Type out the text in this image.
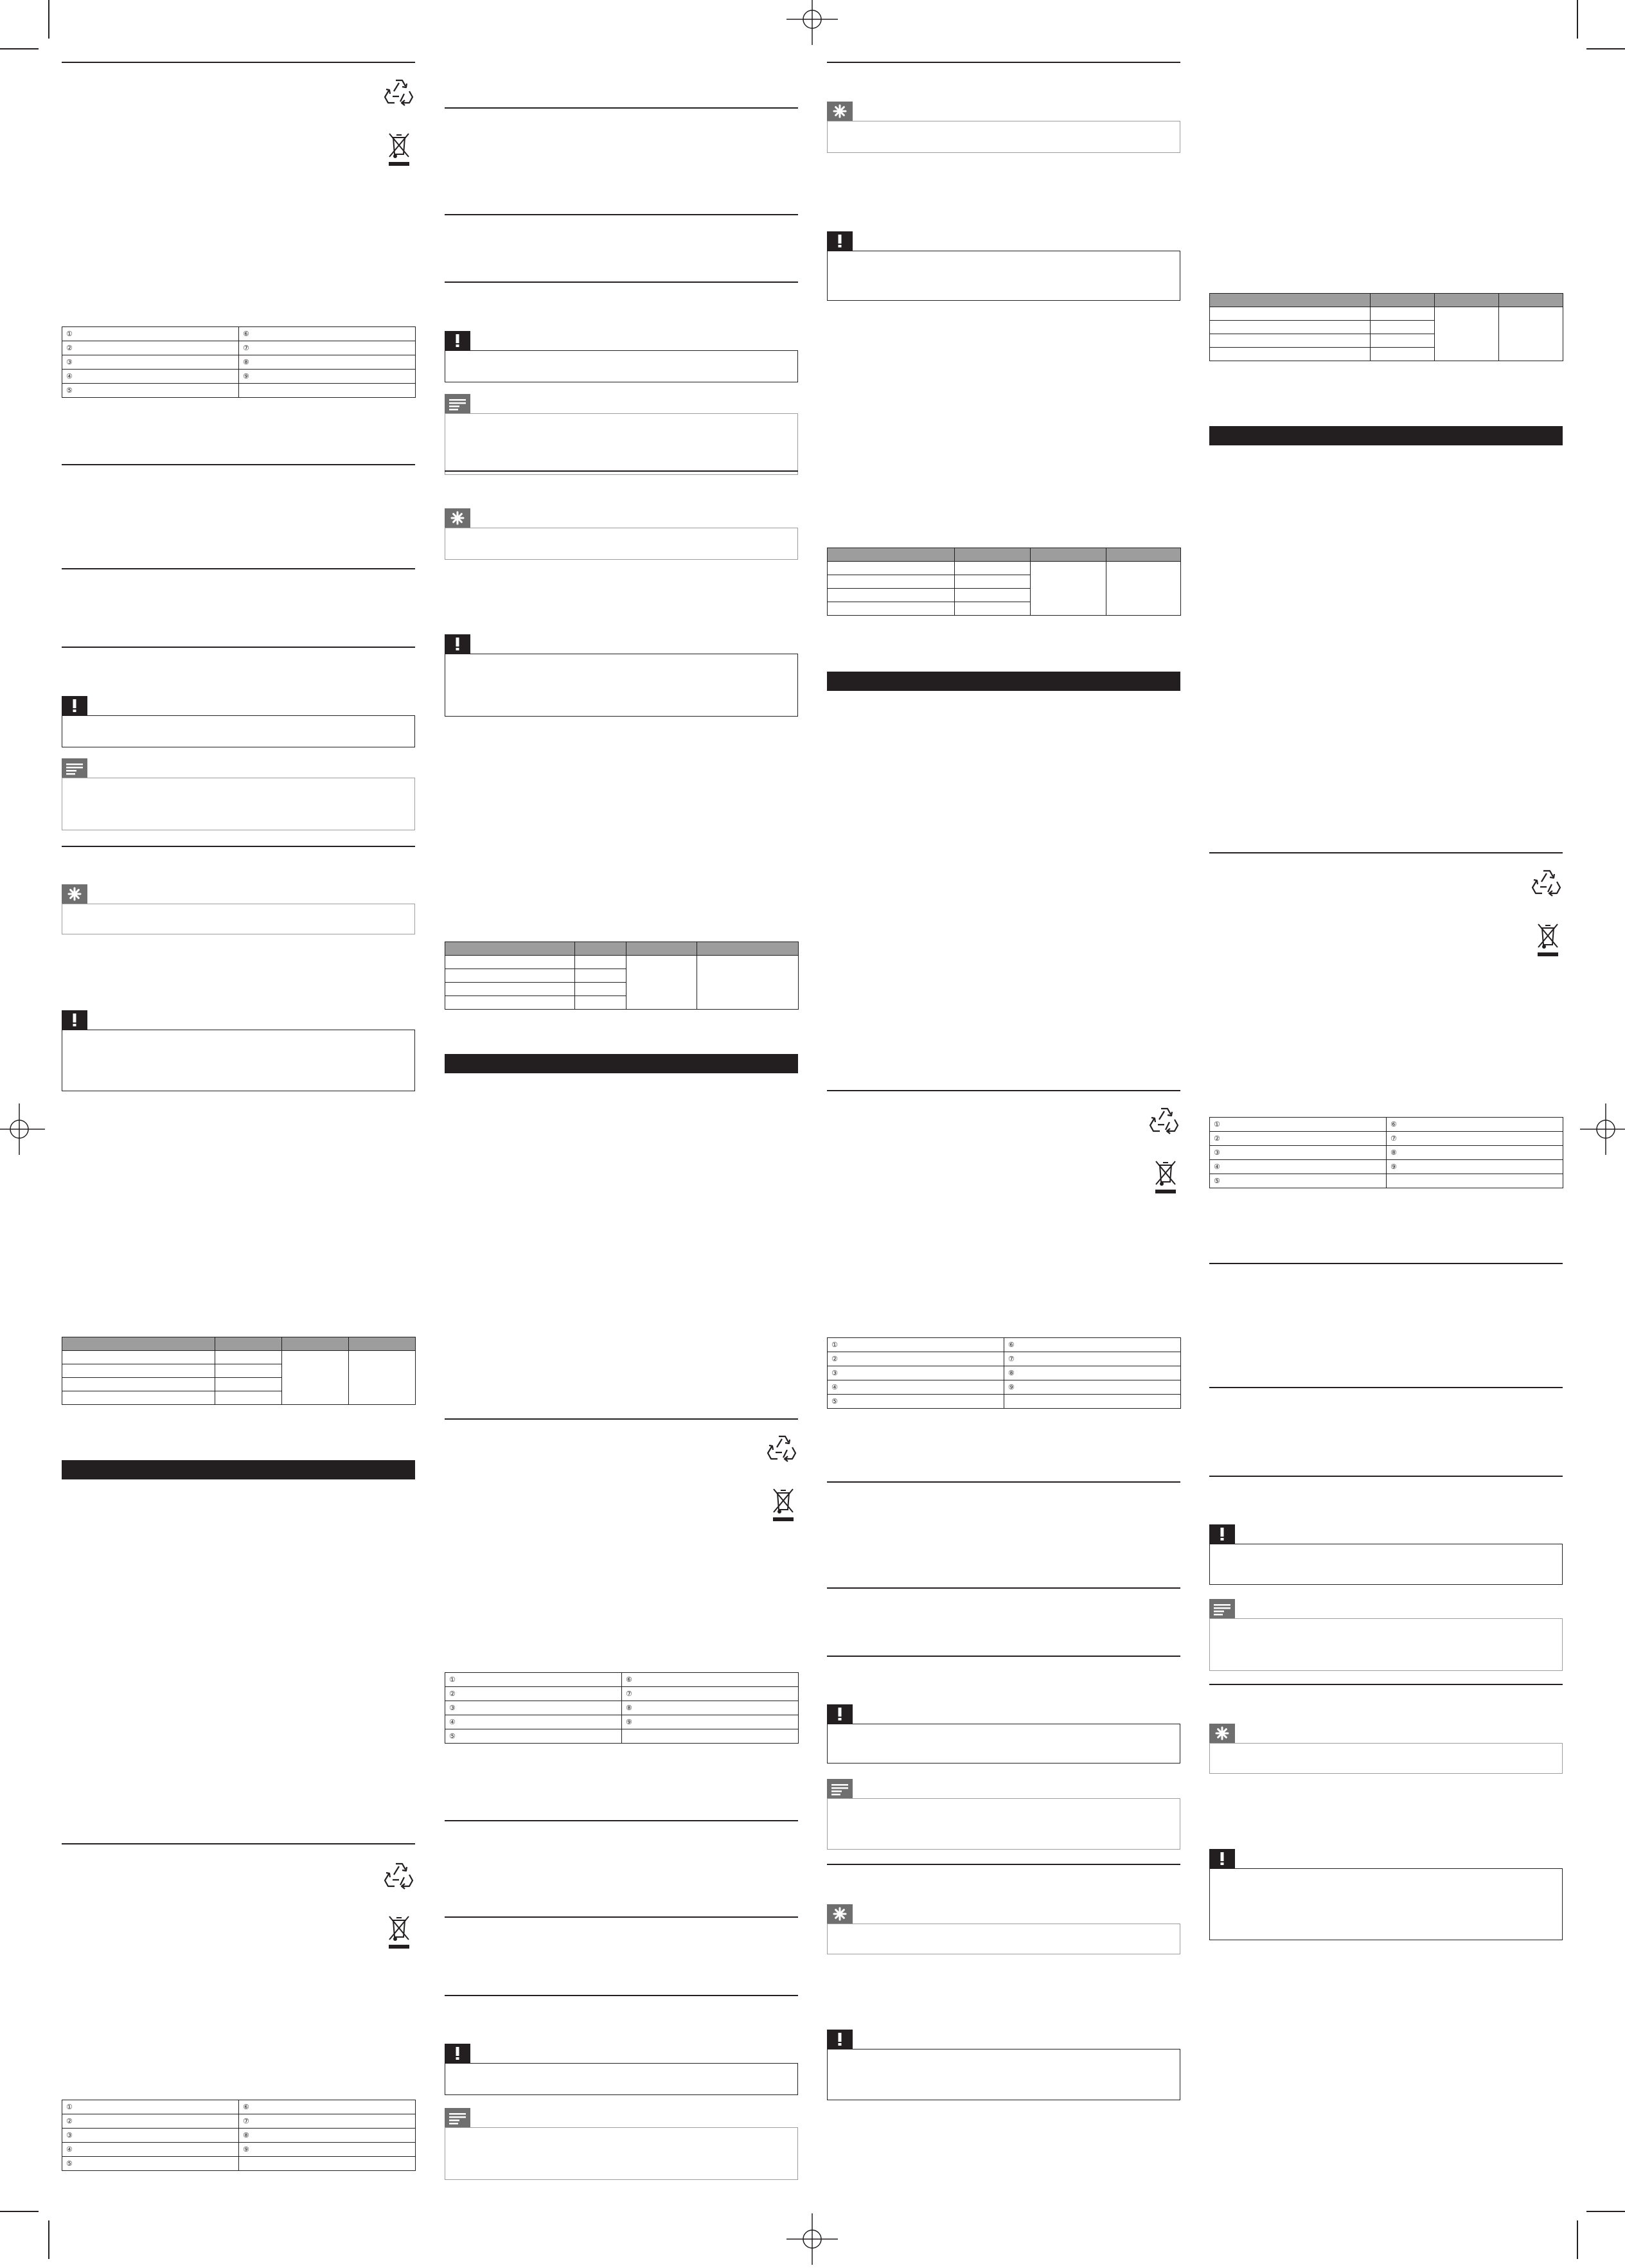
①	⑥
②	⑦
③	⑧
④	⑨
⑤	

①	⑥
②	⑦
③	⑧
④	⑨
⑤	

①	⑥
②	⑦
③	⑧
④	⑨
⑤	

①	⑥
②	⑦
③	⑧
④	⑨
⑤	

①	⑥
②	⑦
③	⑧
④	⑨
⑤	
